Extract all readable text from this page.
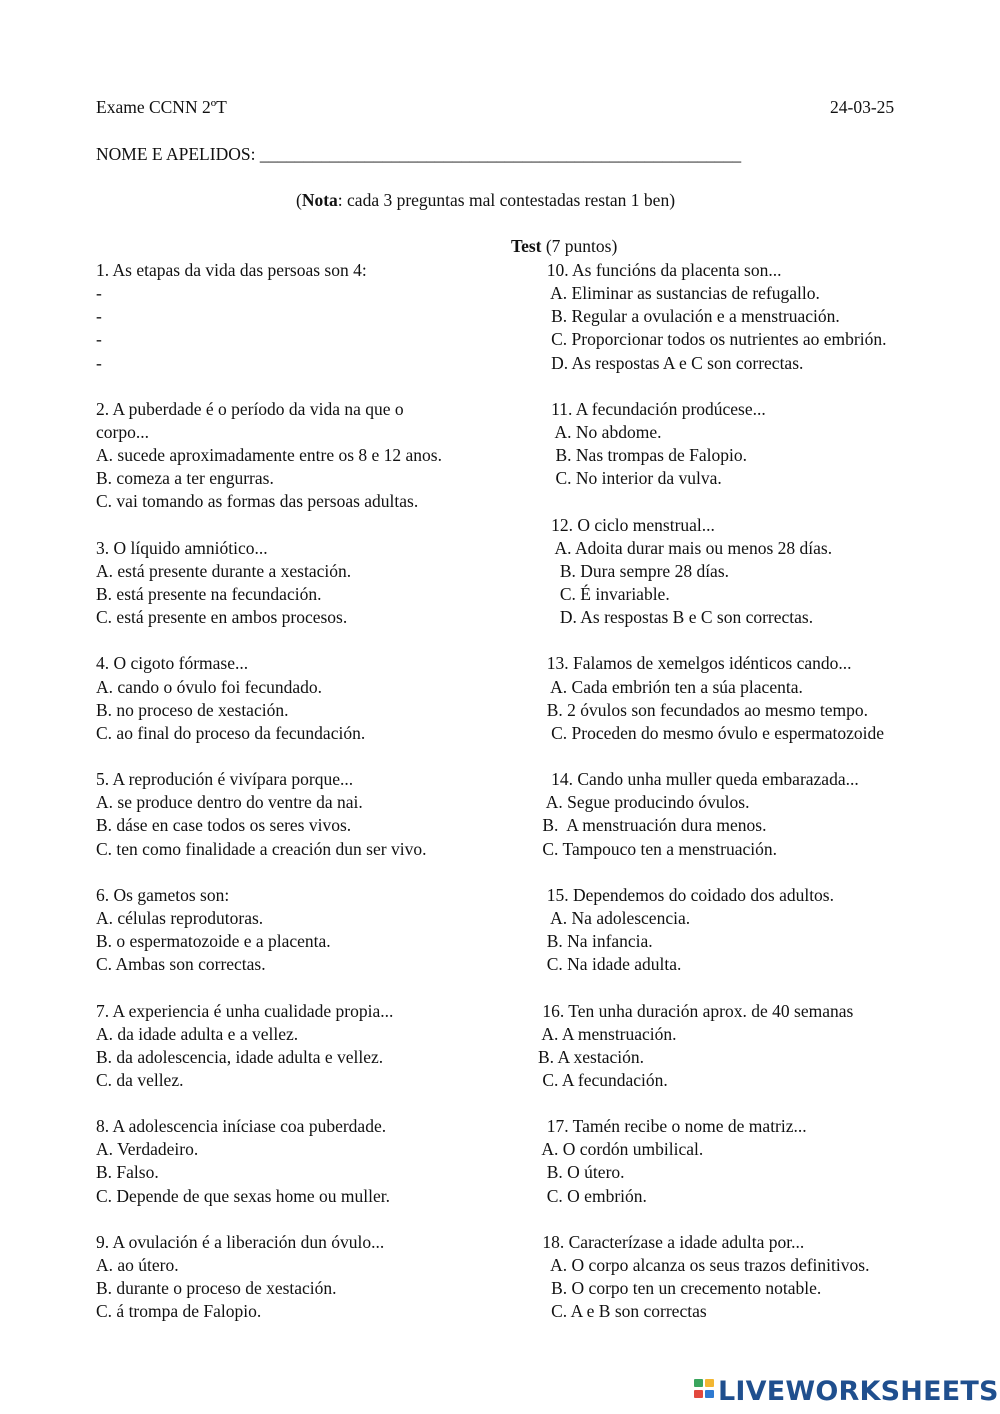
Exame CCNN 2ºT	24-03-25
NOME E APELIDOS: _______________________________________________________
(Nota: cada 3 preguntas mal contestadas restan 1 ben)
Test (7 puntos)
1. As etapas da vida das persoas son 4:
-
-
-
-
2. A puberdade é o período da vida na que o
corpo...
A. sucede aproximadamente entre os 8 e 12 anos.
B. comeza a ter engurras.
C. vai tomando as formas das persoas adultas.
3. O líquido amniótico...
A. está presente durante a xestación.
B. está presente na fecundación.
C. está presente en ambos procesos.
4. O cigoto fórmase...
A. cando o óvulo foi fecundado.
B. no proceso de xestación.
C. ao final do proceso da fecundación.
5. A reprodución é vivípara porque...
A. se produce dentro do ventre da nai.
B. dáse en case todos os seres vivos.
C. ten como finalidade a creación dun ser vivo.
6. Os gametos son:
A. células reprodutoras.
B. o espermatozoide e a placenta.
C. Ambas son correctas.
7. A experiencia é unha cualidade propia...
A. da idade adulta e a vellez.
B. da adolescencia, idade adulta e vellez.
C. da vellez.
8. A adolescencia iníciase coa puberdade.
A. Verdadeiro.
B. Falso.
C. Depende de que sexas home ou muller.
9. A ovulación é a liberación dun óvulo...
A. ao útero.
B. durante o proceso de xestación.
C. á trompa de Falopio.
10. As funcións da placenta son...
A. Eliminar as sustancias de refugallo.
B. Regular a ovulación e a menstruación.
C. Proporcionar todos os nutrientes ao embrión.
D. As respostas A e C son correctas.
11. A fecundación prodúcese...
A. No abdome.
B. Nas trompas de Falopio.
C. No interior da vulva.
12. O ciclo menstrual...
A. Adoita durar mais ou menos 28 días.
B. Dura sempre 28 días.
C. É invariable.
D. As respostas B e C son correctas.
13. Falamos de xemelgos idénticos cando...
A. Cada embrión ten a súa placenta.
B. 2 óvulos son fecundados ao mesmo tempo.
C. Proceden do mesmo óvulo e espermatozoide
14. Cando unha muller queda embarazada...
A. Segue producindo óvulos.
B.  A menstruación dura menos.
C. Tampouco ten a menstruación.
15. Dependemos do coidado dos adultos.
A. Na adolescencia.
B. Na infancia.
C. Na idade adulta.
16. Ten unha duración aprox. de 40 semanas
A. A menstruación.
B. A xestación.
C. A fecundación.
17. Tamén recibe o nome de matriz...
A. O cordón umbilical.
B. O útero.
C. O embrión.
18. Caracterízase a idade adulta por...
A. O corpo alcanza os seus trazos definitivos.
B. O corpo ten un crecemento notable.
C. A e B son correctas
LIVEWORKSHEETS
